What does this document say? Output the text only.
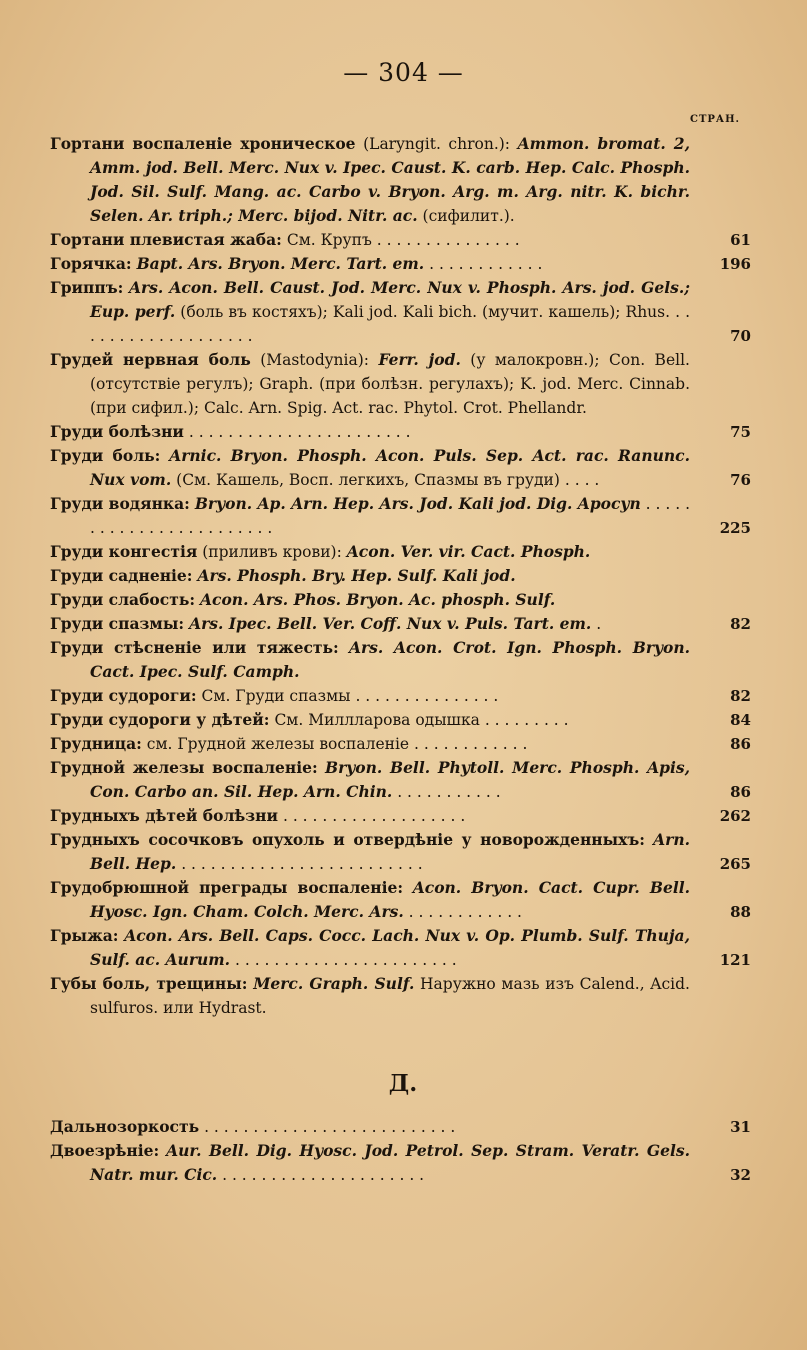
— 304 —
СТРАН.
Гортани воспаленіе хроническое (Laryngit. chron.): Ammon. bromat. 2, Amm. jod. Bell. Merc. Nux v. Ipec. Caust. K. carb. Hep. Calc. Phosph. Jod. Sil. Sulf. Mang. ac. Carbo v. Bryon. Arg. m. Arg. nitr. K. bichr. Selen. Ar. triph.; Merc. bijod. Nitr. ac. (сифилит.).
Гортани плевистая жаба: См. Крупъ . . . . . . . . . . . . . . .	61
Горячка: Bapt. Ars. Bryon. Merc. Tart. em. . . . . . . . . . . . .	196
Гриппъ: Ars. Acon. Bell. Caust. Jod. Merc. Nux v. Phosph. Ars. jod. Gels.; Eup. perf. (боль въ костяхъ); Kali jod. Kali bich. (мучит. кашель); Rhus. . . . . . . . . . . . . . . . . . . .	70
Грудей нервная боль (Mastodynia): Ferr. jod. (у малокровн.); Con. Bell. (отсутствіе регулъ); Graph. (при болѣзн. регулахъ); K. jod. Merc. Cinnab. (при сифил.); Calc. Arn. Spig. Act. rac. Phytol. Crot. Phellandr.
Груди болѣзни . . . . . . . . . . . . . . . . . . . . . . .	75
Груди боль: Arnic. Bryon. Phosph. Acon. Puls. Sep. Act. rac. Ranunc. Nux vom. (См. Кашель, Восп. легкихъ, Спазмы въ груди) . . . .	76
Груди водянка: Bryon. Ap. Arn. Hep. Ars. Jod. Kali jod. Dig. Apocyn . . . . . . . . . . . . . . . . . . . . . . . .	225
Груди конгестія (приливъ крови): Acon. Ver. vir. Cact. Phosph.
Груди садненіе: Ars. Phosph. Bry. Hep. Sulf. Kali jod.
Груди слабость: Acon. Ars. Phos. Bryon. Ac. phosph. Sulf.
Груди спазмы: Ars. Ipec. Bell. Ver. Coff. Nux v. Puls. Tart. em. .	82
Груди стѣсненіе или тяжесть: Ars. Acon. Crot. Ign. Phosph. Bryon. Cact. Ipec. Sulf. Camph.
Груди судороги: См. Груди спазмы . . . . . . . . . . . . . . .	82
Груди судороги у дѣтей: См. Миллларова одышка . . . . . . . . .	84
Грудница: см. Грудной железы воспаленіе . . . . . . . . . . . .	86
Грудной железы воспаленіе: Bryon. Bell. Phytoll. Merc. Phosph. Apis, Con. Carbo an. Sil. Hep. Arn. Chin. . . . . . . . . . . .	86
Грудныхъ дѣтей болѣзни . . . . . . . . . . . . . . . . . . .	262
Грудныхъ сосочковъ опухоль и отвердѣніе у новорожденныхъ: Arn. Bell. Hep. . . . . . . . . . . . . . . . . . . . . . . . . .	265
Грудобрюшной преграды воспаленіе: Acon. Bryon. Cact. Cupr. Bell. Hyosc. Ign. Cham. Colch. Merc. Ars. . . . . . . . . . . . .	88
Грыжа: Acon. Ars. Bell. Caps. Cocc. Lach. Nux v. Op. Plumb. Sulf. Thuja, Sulf. ac. Aurum. . . . . . . . . . . . . . . . . . . . . . . .	121
Губы боль, трещины: Merc. Graph. Sulf. Наружно мазь изъ Calend., Acid. sulfuros. или Hydrast.
Д.
Дальнозоркость . . . . . . . . . . . . . . . . . . . . . . . . . .	31
Двоезрѣніе: Aur. Bell. Dig. Hyosc. Jod. Petrol. Sep. Stram. Veratr. Gels. Natr. mur. Cic. . . . . . . . . . . . . . . . . . . . . .	32
